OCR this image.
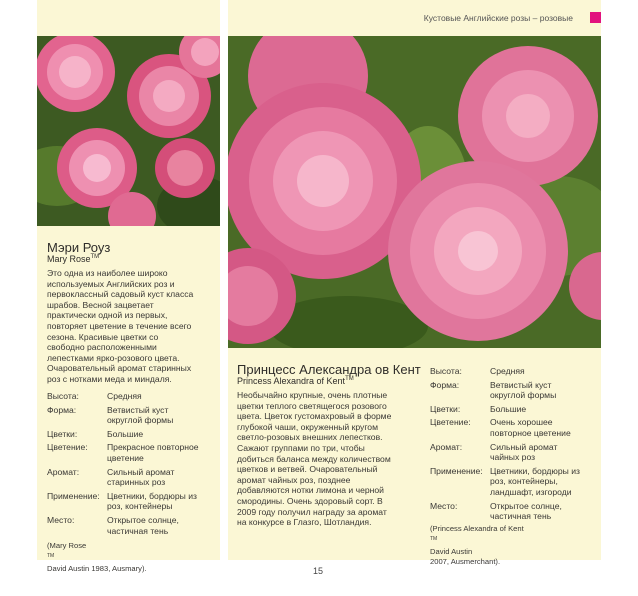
Кустовые Английские розы – розовые
Мэри Роуз
Mary Rose™
Это одна из наиболее широко
используемых Английских роз и
первоклассный садовый куст класса
шрабов. Весной зацветает
практически одной из первых,
повторяет цветение в течение всего
сезона. Красивые цветки со
свободно расположенными
лепестками ярко-розового цвета.
Очаровательный аромат старинных
роз с нотками меда и миндаля.
Высота:	Средняя
Форма:	Ветвистый куст
округлой формы
Цветки:	Большие
Цветение:	Прекрасное повторное
цветение
Аромат:	Сильный аромат
старинных роз
Применение: Цветники, бордюры из
роз, контейнеры
Место:	Открытое солнце,
частичная тень
(Mary Rose
™
David Austin 1983, Ausmary).
Принцесс Александра ов Кент
Princess Alexandra of Kent™
Необычайно крупные, очень плотные
цветки теплого светящегося розового
цвета. Цветок густомахровый в форме
глубокой чаши, окруженный кругом
светло-розовых внешних лепестков.
Сажают группами по три, чтобы
добиться баланса между количеством
цветков и ветвей. Очаровательный
аромат чайных роз, позднее
добавляются нотки лимона и черной
смородины. Очень здоровый сорт. В
2009 году получил награду за аромат
на конкурсе в Глазго, Шотландия.
Высота:	Средняя
Форма:	Ветвистый куст
округлой формы
Цветки:	Большие
Цветение:	Очень хорошее
повторное цветение
Аромат:	Сильный аромат
чайных роз
Применение: Цветники, бордюры из
роз, контейнеры,
ландшафт, изгороди
Место:	Открытое солнце,
частичная тень
(Princess Alexandra of Kent
™
David Austin
2007, Ausmerchant).
15
